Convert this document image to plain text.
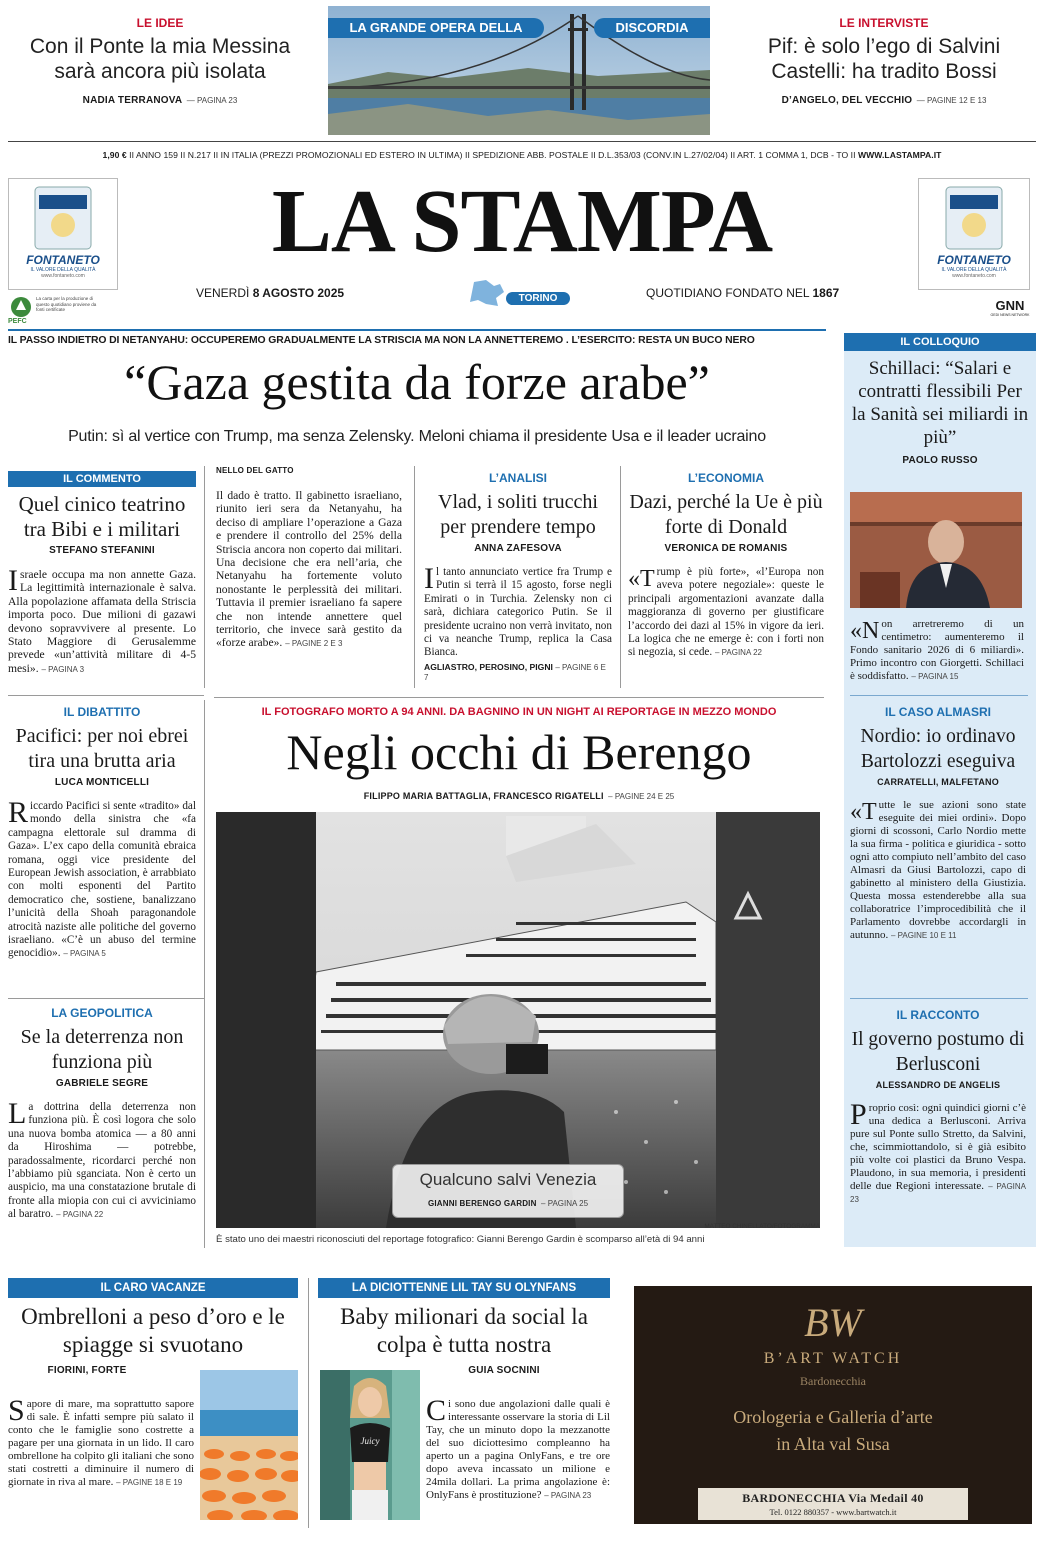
LE IDEE
Con il Ponte la mia Messina sarà ancora più isolata
NADIA TERRANOVA — PAGINA 23
LA GRANDE OPERA DELLA	DISCORDIA	LE INTERVISTE
Pif: è solo l’ego di Salvini Castelli: ha tradito Bossi
D’ANGELO, DEL VECCHIO — PAGINE 12 E 13
1,90 € II ANNO 159 II N.217 II IN ITALIA (PREZZI PROMOZIONALI ED ESTERO IN ULTIMA) II SPEDIZIONE ABB. POSTALE II D.L.353/03 (CONV.IN L.27/02/04) II ART. 1 COMMA 1, DCB - TO II WWW.LASTAMPA.IT
FONTANETO
IL VALORE DELLA QUALITÀ
www.fontaneto.com
PEFC
La carta per la produzione di questo quotidiano proviene da fonti certificate
LA STAMPA
VENERDÌ 8 AGOSTO 2025	TORINO	QUOTIDIANO FONDATO NEL 1867
FONTANETO
IL VALORE DELLA QUALITÀ
www.fontaneto.com
GNN
GEDI NEWS NETWORK
IL PASSO INDIETRO DI NETANYAHU: OCCUPEREMO GRADUALMENTE LA STRISCIA MA NON LA ANNETTEREMO . L’ESERCITO: RESTA UN BUCO NERO
“Gaza gestita da forze arabe”
Putin: sì al vertice con Trump, ma senza Zelensky. Meloni chiama il presidente Usa e il leader ucraino
IL COMMENTO
Quel cinico teatrino tra Bibi e i militari
STEFANO STEFANINI
Israele occupa ma non annette Gaza. La legittimità internazionale è salva. Alla popolazione affamata della Striscia importa poco. Due milioni di gazawi devono sopravvivere al presente. Lo Stato Maggiore di Gerusalemme prevede «un’attività militare di 4-5 mesi». – PAGINA 3
NELLO DEL GATTO
Il dado è tratto. Il gabinetto israeliano, riunito ieri sera da Netanyahu, ha deciso di ampliare l’operazione a Gaza e prendere il controllo del 25% della Striscia ancora non coperto dai militari. Una decisione che era nell’aria, che Netanyahu ha fortemente voluto nonostante le perplessità dei militari. Tuttavia il premier israeliano fa sapere che non intende annettere quel territorio, che invece sarà gestito da «forze arabe». – PAGINE 2 E 3
L’ANALISI
Vlad, i soliti trucchi per prendere tempo
ANNA ZAFESOVA
Il tanto annunciato vertice fra Trump e Putin si terrà il 15 agosto, forse negli Emirati o in Turchia. Zelensky non ci sarà, dichiara categorico Putin. Se il presidente ucraino non verrà invitato, non ci va neanche Trump, replica la Casa Bianca.
AGLIASTRO, PEROSINO, PIGNI – PAGINE 6 E 7
L’ECONOMIA
Dazi, perché la Ue è più forte di Donald
VERONICA DE ROMANIS
«Trump è più forte», «l’Europa non aveva potere negoziale»: queste le principali argomentazioni avanzate dalla maggioranza di governo per giustificare l’accordo dei dazi al 15% in vigore da ieri. La logica che ne emerge è: con i forti non si negozia, si cede. – PAGINA 22
IL DIBATTITO
Pacifici: per noi ebrei tira una brutta aria
LUCA MONTICELLI
Riccardo Pacifici si sente «tradito» dal mondo della sinistra che «fa campagna elettorale sul dramma di Gaza». L’ex capo della comunità ebraica romana, oggi vice presidente del European Jewish association, è arrabbiato con molti esponenti del Partito democratico che, sostiene, banalizzano l’unicità della Shoah paragonandole atrocità naziste alle politiche del governo israeliano. «C’è un abuso del termine genocidio». – PAGINA 5
LA GEOPOLITICA
Se la deterrenza non funziona più
GABRIELE SEGRE
La dottrina della deterrenza non funziona più. È così logora che solo una nuova bomba atomica — a 80 anni da Hiroshima — potrebbe, paradossalmente, ricordarci perché non l’abbiamo più sganciata. Non è certo un auspicio, ma una constatazione brutale di fronte alla miopia con cui ci avviciniamo al baratro. – PAGINA 22
IL FOTOGRAFO MORTO A 94 ANNI. DA BAGNINO IN UN NIGHT AI REPORTAGE IN MEZZO MONDO
Negli occhi di Berengo
FILIPPO MARIA BATTAGLIA, FRANCESCO RIGATELLI – PAGINE 24 E 25
Qualcuno salvi Venezia
GIANNI BERENGO GARDIN – PAGINA 25
MATTEO CHINELLATO/FOTOGRAMMA
È stato uno dei maestri riconosciuti del reportage fotografico: Gianni Berengo Gardin è scomparso all’età di 94 anni
IL COLLOQUIO
Schillaci: “Salari e contratti flessibili Per la Sanità sei miliardi in più”
PAOLO RUSSO
«Non arretreremo di un centimetro: aumenteremo il Fondo sanitario 2026 di 6 miliardi». Primo incontro con Giorgetti. Schillaci è soddisfatto. – PAGINA 15
IL CASO ALMASRI
Nordio: io ordinavo Bartolozzi eseguiva
CARRATELLI, MALFETANO
«Tutte le sue azioni sono state eseguite dei miei ordini». Dopo giorni di scossoni, Carlo Nordio mette la sua firma - politica e giuridica - sotto ogni atto compiuto nell’ambito del caso Almasri da Giusi Bartolozzi, capo di gabinetto al ministero della Giustizia. Questa mossa estenderebbe alla sua collaboratrice l’improcedibilità che il Parlamento dovrebbe accordargli in autunno. – PAGINE 10 E 11
IL RACCONTO
Il governo postumo di Berlusconi
ALESSANDRO DE ANGELIS
Proprio così: ogni quindici giorni c’è una dedica a Berlusconi. Arriva pure sul Ponte sullo Stretto, da Salvini, che, scimmiottandolo, si è già esibito più volte coi plastici da Bruno Vespa. Plaudono, in sua memoria, i presidenti delle due Regioni interessate. – PAGINA 23
IL CARO VACANZE
Ombrelloni a peso d’oro e le spiagge si svuotano
FIORINI, FORTE
Sapore di mare, ma soprattutto sapore di sale. È infatti sempre più salato il conto che le famiglie sono costrette a pagare per una giornata in un lido. Il caro ombrellone ha colpito gli italiani che sono stati costretti a diminuire il numero di giornate in riva al mare. – PAGINE 18 E 19
LA DICIOTTENNE LIL TAY SU OLYNFANS
Baby milionari da social la colpa è tutta nostra
GUIA SOCNINI
Juicy
Ci sono due angolazioni dalle quali è interessante osservare la storia di Lil Tay, che un minuto dopo la mezzanotte del suo diciottesimo compleanno ha aperto un a pagina OnlyFans, e tre ore dopo aveva incassato un milione e 24mila dollari. La prima angolazione è: OnlyFans è prostituzione? – PAGINA 23
BW
B’ART WATCH
Bardonecchia
Orologeria e Galleria d’arte
in Alta val Susa
BARDONECCHIA Via Medail 40
Tel. 0122 880357 - www.bartwatch.it
